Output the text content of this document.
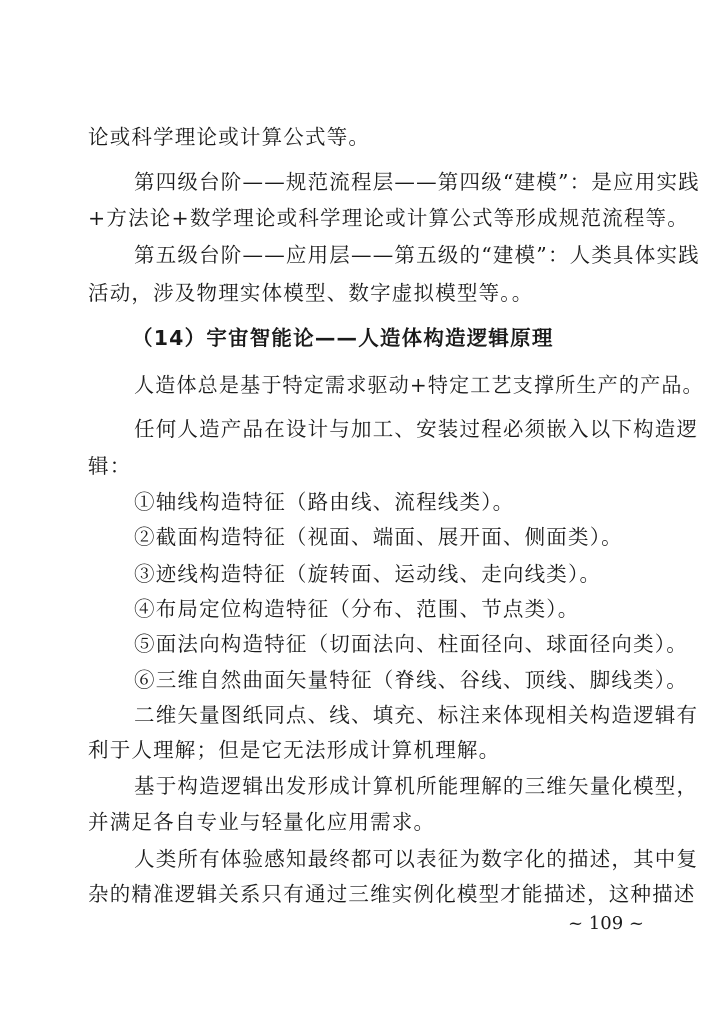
论或科学理论或计算公式等。
第四级台阶——规范流程层——第四级“建模”：是应用实践
+方法论+数学理论或科学理论或计算公式等形成规范流程等。
第五级台阶——应用层——第五级的“建模”：人类具体实践
活动，涉及物理实体模型、数字虚拟模型等。。
（14）宇宙智能论——人造体构造逻辑原理
人造体总是基于特定需求驱动+特定工艺支撑所生产的产品。
任何人造产品在设计与加工、安装过程必须嵌入以下构造逻
辑：
①轴线构造特征（路由线、流程线类）。
②截面构造特征（视面、端面、展开面、侧面类）。
③迹线构造特征（旋转面、运动线、走向线类）。
④布局定位构造特征（分布、范围、节点类）。
⑤面法向构造特征（切面法向、柱面径向、球面径向类）。
⑥三维自然曲面矢量特征（脊线、谷线、顶线、脚线类）。
二维矢量图纸同点、线、填充、标注来体现相关构造逻辑有
利于人理解；但是它无法形成计算机理解。
基于构造逻辑出发形成计算机所能理解的三维矢量化模型，
并满足各自专业与轻量化应用需求。
人类所有体验感知最终都可以表征为数字化的描述，其中复
杂的精准逻辑关系只有通过三维实例化模型才能描述，这种描述
~ 109 ~
